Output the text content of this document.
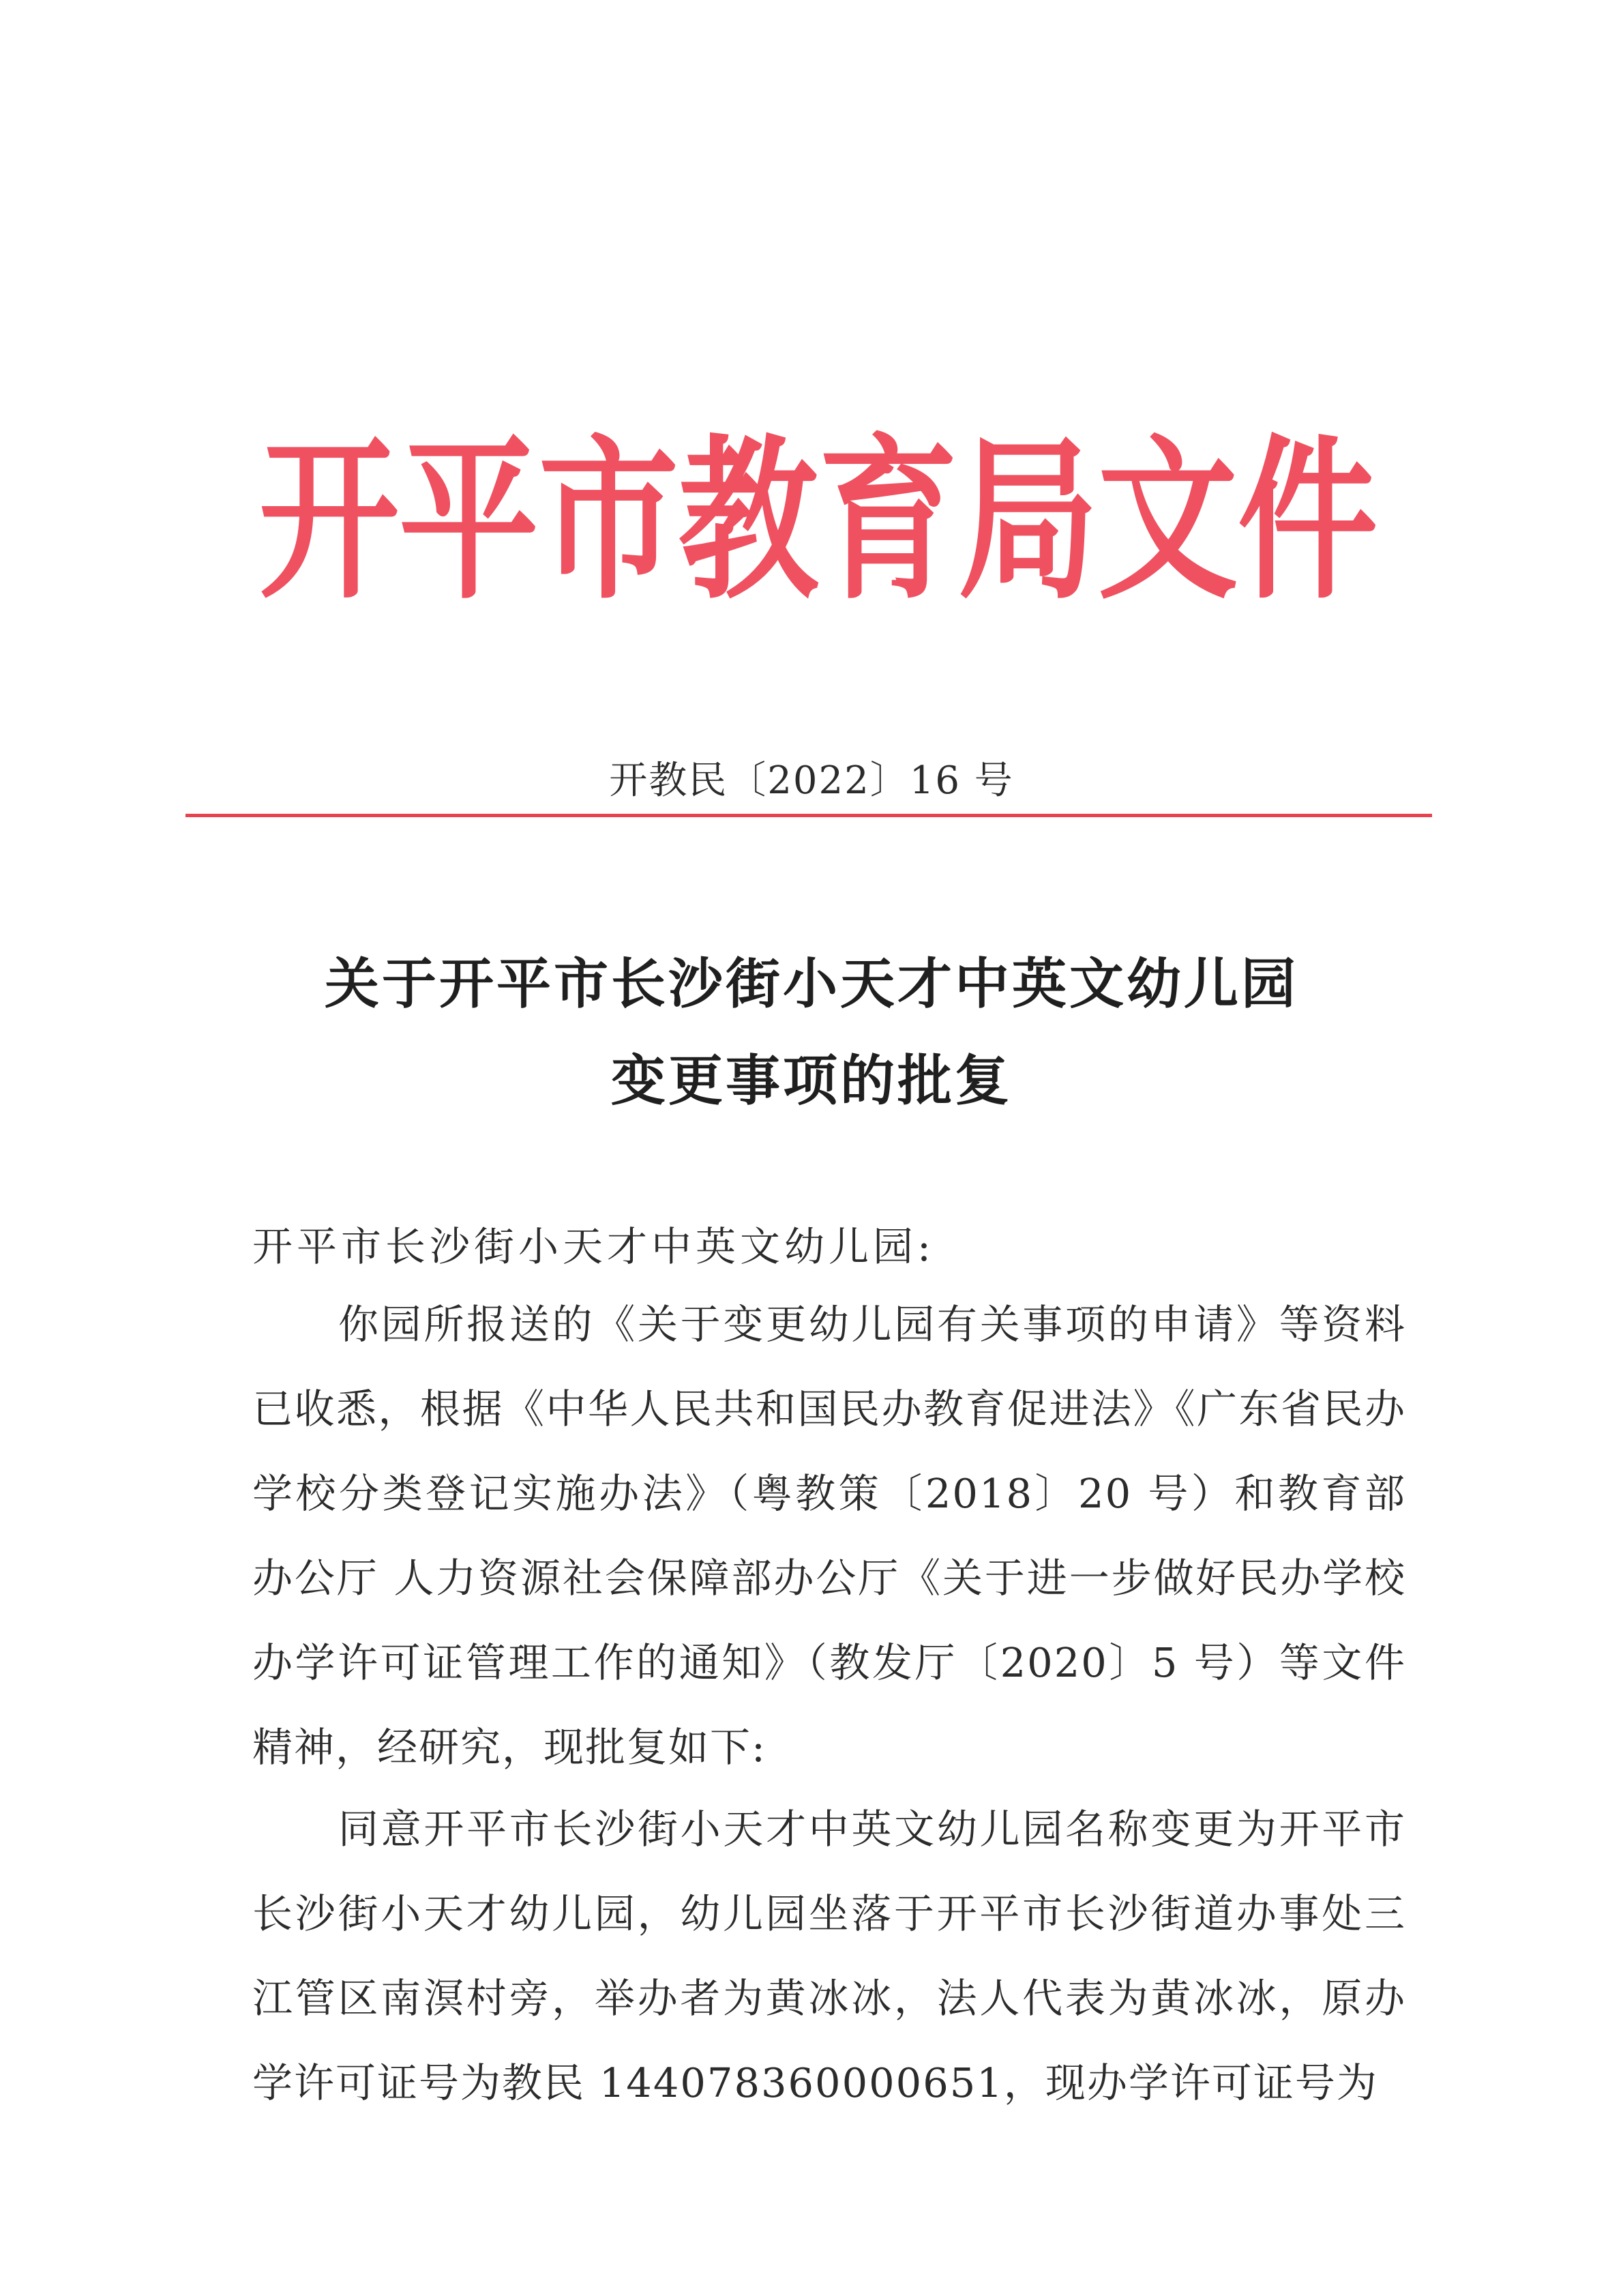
开 平 市 教 育 局 文 件
开教民〔2022〕16 号
关于开平市长沙街小天才中英文幼儿园
变更事项的批复
开平市长沙街小天才中英文幼儿园:
你园所报送的《关于变更幼儿园有关事项的申请》等资料已收悉，根据《中华人民共和国民办教育促进法》《广东省民办学校分类登记实施办法》（粤教策〔2018〕20 号）和教育部办公厅 人力资源社会保障部办公厅《关于进一步做好民办学校办学许可证管理工作的通知》（教发厅〔2020〕5 号）等文件精神，经研究，现批复如下:
同意开平市长沙街小天才中英文幼儿园名称变更为开平市长沙街小天才幼儿园，幼儿园坐落于开平市长沙街道办事处三江管区南溟村旁，举办者为黄冰冰，法人代表为黄冰冰，原办学许可证号为教民 144078360000651，现办学许可证号为
